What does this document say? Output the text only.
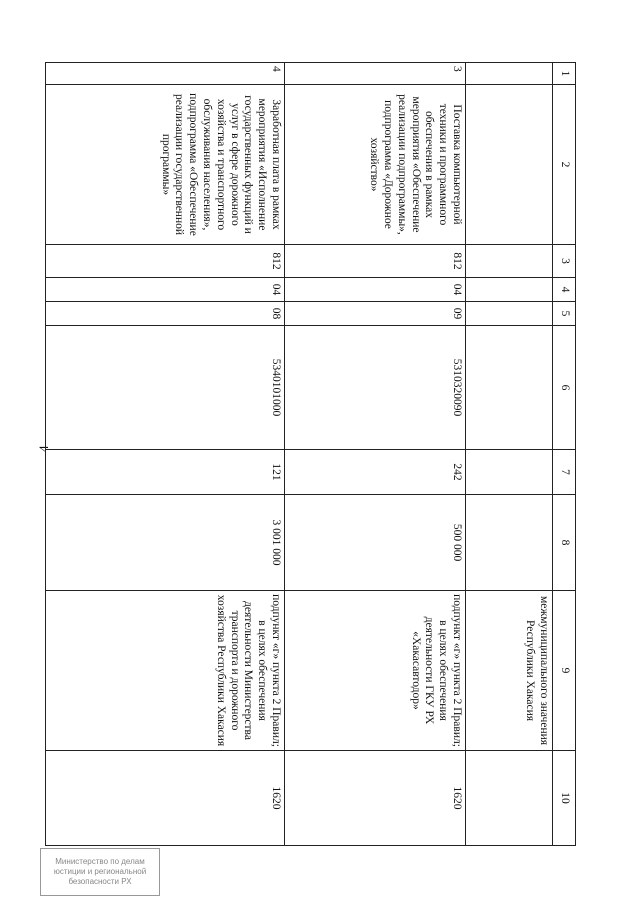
4
1	2	3	4	5	6	7	8	9	10
								межмуниципального значения Республики Хакасия	
3	Поставка компьютерной техники и программного обеспечения в рамках мероприятия «Обеспечение реализации подпрограммы», подпрограмма «Дорожное хозяйство»	812	04	09	5310320090	242	500 000	подпункт «г» пункта 2 Правил; в целях обеспечения деятельности ГКУ РХ «Хакасавтодор»	1620
4	Заработная плата в рамках мероприятия «Исполнение государственных функций и услуг в сфере дорожного хозяйства и транспортного обслуживания населения», подпрограмма «Обеспечение реализации государственной программы»	812	04	08	5340101000	121	3 001 000	подпункт «г» пункта 2 Правил; в целях обеспечения деятельности Министерства транспорта и дорожного хозяйства Республики Хакасия	1620
Министерство по делам
юстиции и региональной
безопасности РХ
